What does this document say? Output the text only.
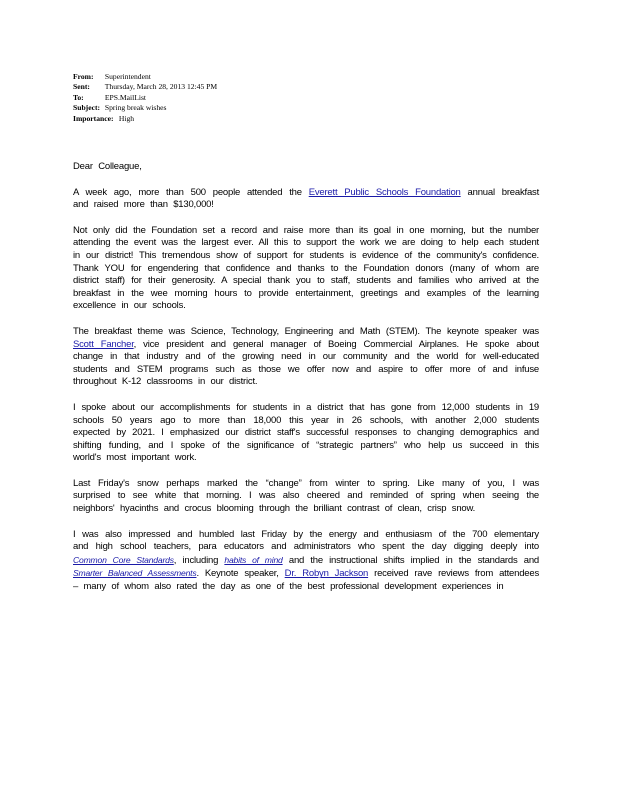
From: Superintendent
Sent: Thursday, March 28, 2013 12:45 PM
To:	EPS.MailList
Subject: Spring break wishes
Importance: High

Dear Colleague,

A week ago, more than 500 people attended the Everett Public Schools Foundation annual breakfast and raised more than $130,000!

Not only did the Foundation set a record and raise more than its goal in one morning, but the number attending the event was the largest ever. All this to support the work we are doing to help each student in our district! This tremendous show of support for students is evidence of the community's confidence. Thank YOU for engendering that confidence and thanks to the Foundation donors (many of whom are district staff) for their generosity. A special thank you to staff, students and families who arrived at the breakfast in the wee morning hours to provide entertainment, greetings and examples of the learning excellence in our schools.

The breakfast theme was Science, Technology, Engineering and Math (STEM). The keynote speaker was Scott Fancher, vice president and general manager of Boeing Commercial Airplanes. He spoke about change in that industry and of the growing need in our community and the world for well-educated students and STEM programs such as those we offer now and aspire to offer more of and infuse throughout K-12 classrooms in our district.

I spoke about our accomplishments for students in a district that has gone from 12,000 students in 19 schools 50 years ago to more than 18,000 this year in 26 schools, with another 2,000 students expected by 2021. I emphasized our district staff's successful responses to changing demographics and shifting funding, and I spoke of the significance of “strategic partners” who help us succeed in this world's most important work.

Last Friday's snow perhaps marked the “change” from winter to spring. Like many of you, I was surprised to see white that morning. I was also cheered and reminded of spring when seeing the neighbors' hyacinths and crocus blooming through the brilliant contrast of clean, crisp snow.

I was also impressed and humbled last Friday by the energy and enthusiasm of the 700 elementary and high school teachers, para educators and administrators who spent the day digging deeply into Common Core Standards, including habits of mind and the instructional shifts implied in the standards and Smarter Balanced Assessments. Keynote speaker, Dr. Robyn Jackson received rave reviews from attendees – many of whom also rated the day as one of the best professional development experiences in
